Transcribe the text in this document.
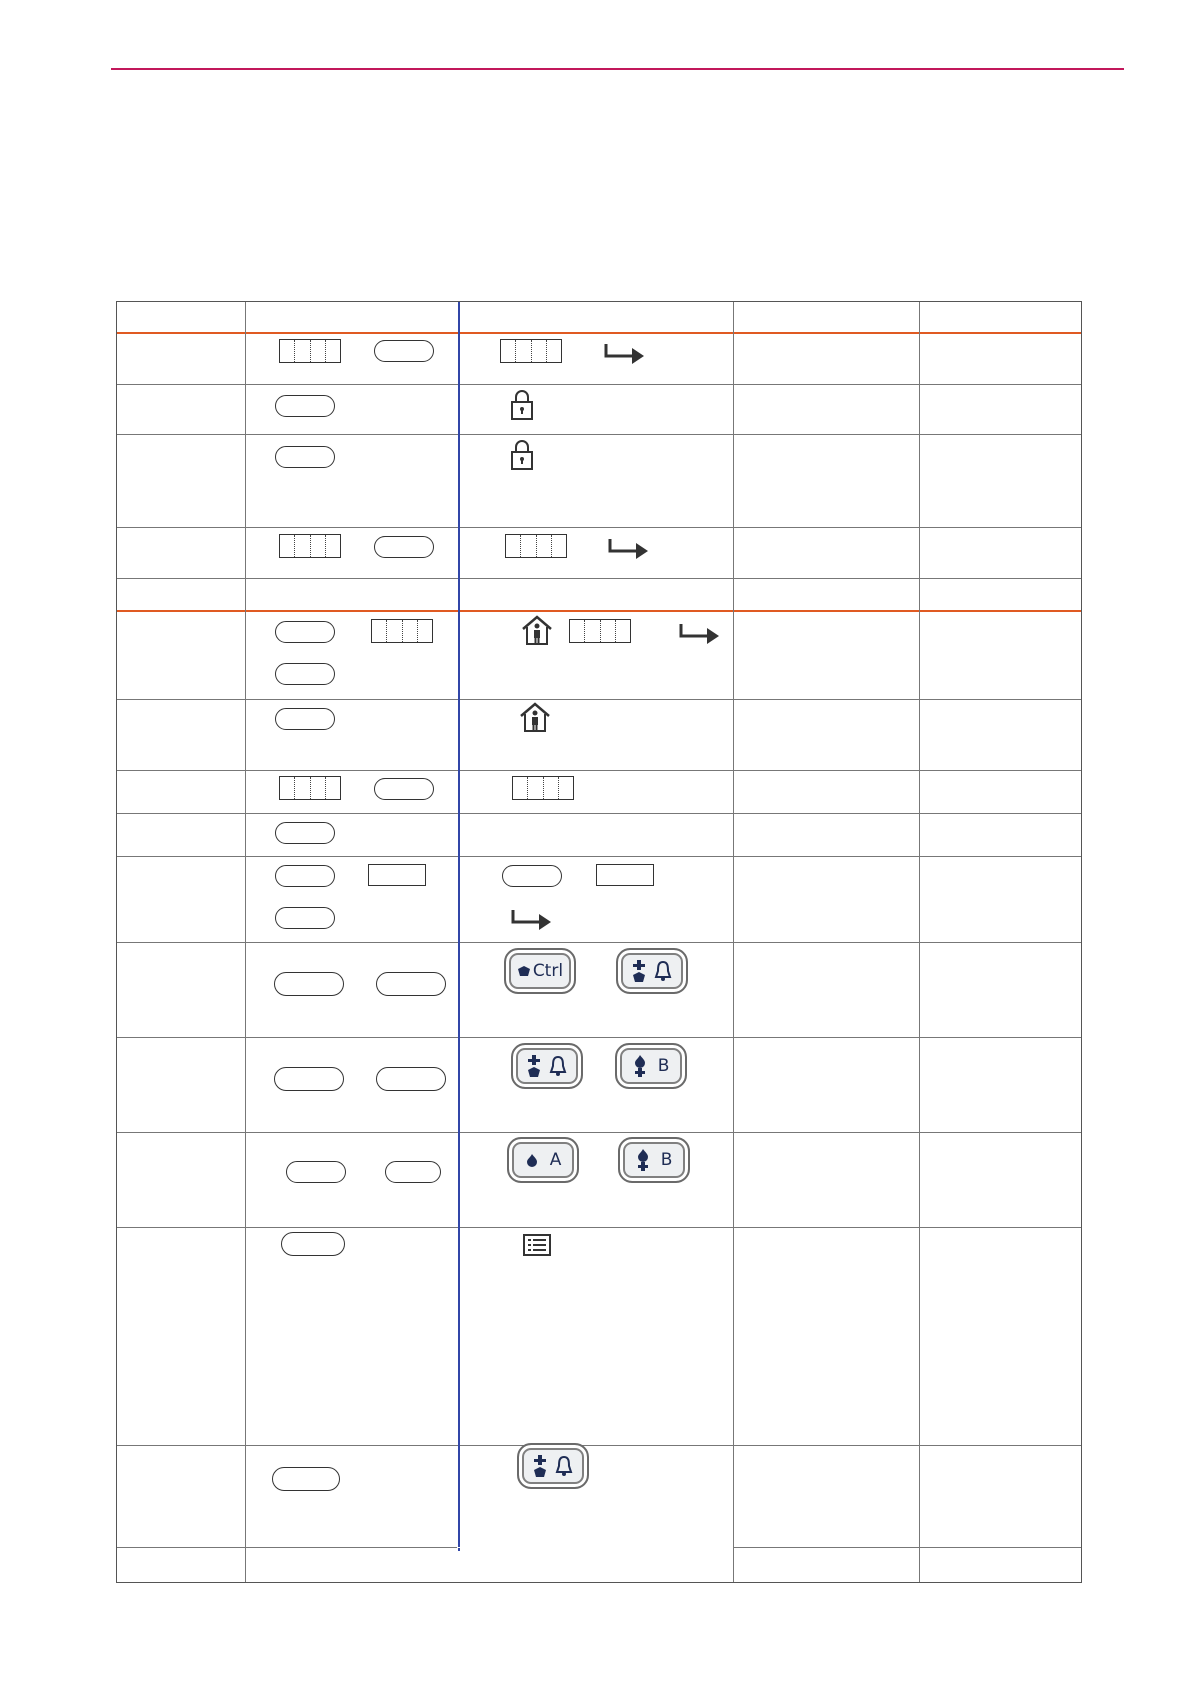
Ctrl
B
A	B
